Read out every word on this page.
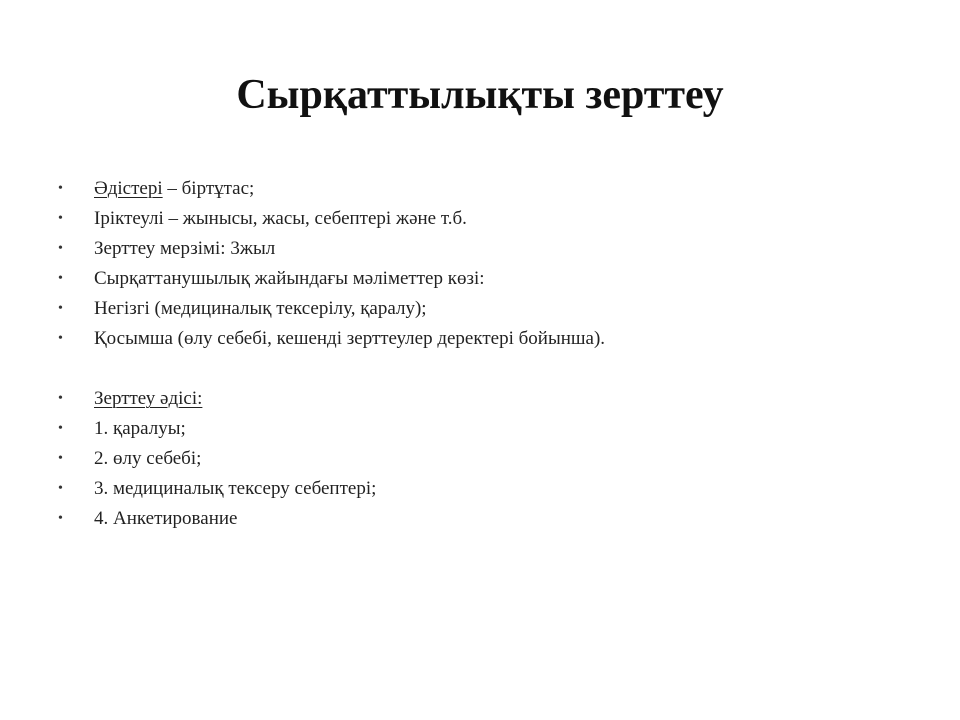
Сырқаттылықты зерттеу
• Әдістері – біртұтас;
• Іріктеулі – жынысы, жасы, себептері және т.б.
• Зерттеу мерзімі: 3жыл
• Сырқаттанушылық жайындағы мәліметтер көзі:
• Негізгі (медициналық тексерілу, қаралу);
• Қосымша (өлу себебі, кешенді зерттеулер деректері бойынша).
• Зерттеу әдісі:
• 1. қаралуы;
• 2. өлу себебі;
• 3. медициналық тексеру себептері;
• 4. Анкетирование
